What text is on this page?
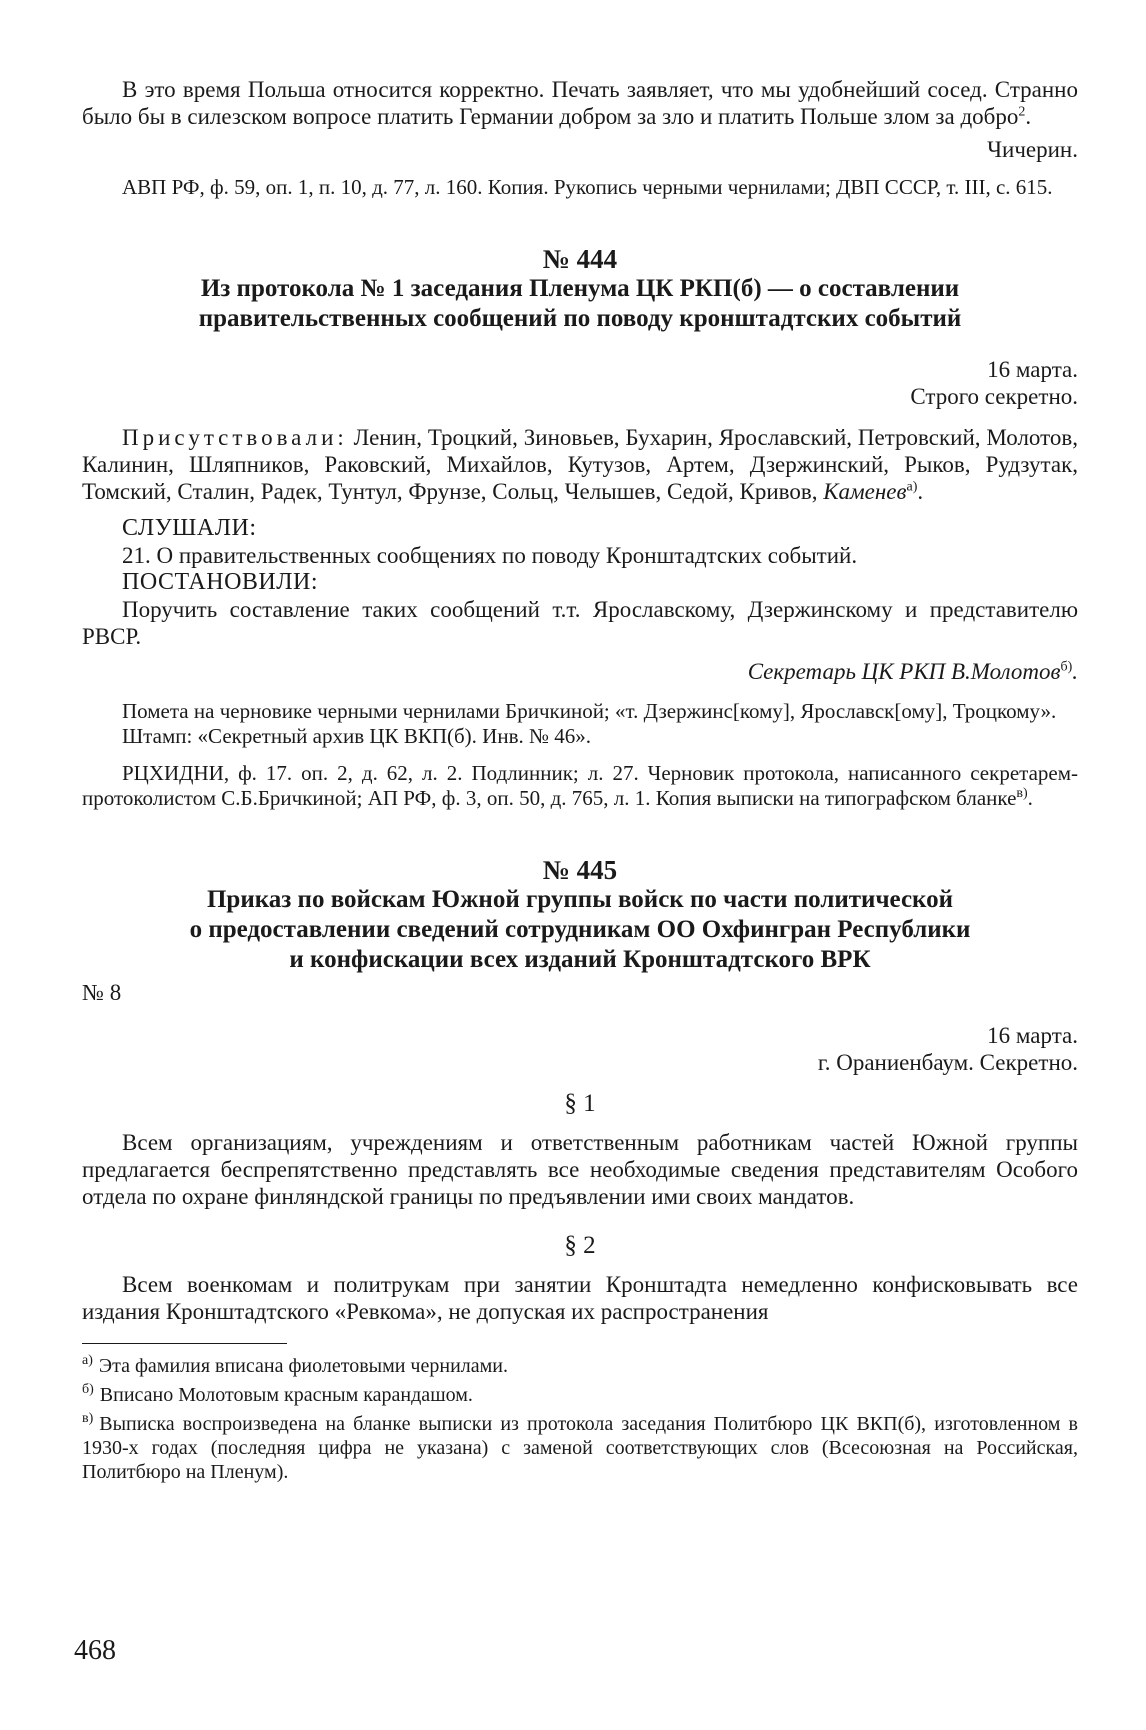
В это время Польша относится корректно. Печать заявляет, что мы удобнейший сосед. Странно было бы в силезском вопросе платить Германии добром за зло и платить Польше злом за добро$^2$.

Чичерин.

АВП РФ, ф. 59, оп. 1, п. 10, д. 77, л. 160. Копия. Рукопись черными чернилами; ДВП СССР, т. III, с. 615.

№ 444

Из протокола № 1 заседания Пленума ЦК РКП(б) — о составлении

правительственных сообщений по поводу кронштадтских событий

16 марта.

Строго секретно.

Присутствовали: Ленин, Троцкий, Зиновьев, Бухарин, Ярославский, Петровский, Молотов, Калинин, Шляпников, Раковский, Михайлов, Кутузов, Артем, Дзержинский, Рыков, Рудзутак, Томский, Сталин, Радек, Тунтул, Фрунзе, Сольц, Челышев, Седой, Кривов, Каменев$^{а)}$.

СЛУШАЛИ:

21. О правительственных сообщениях по поводу Кронштадтских событий.

ПОСТАНОВИЛИ:

Поручить составление таких сообщений т.т. Ярославскому, Дзержинскому и представителю РВСР.

Секретарь ЦК РКП В.Молотов$^{б)}$.

Помета на черновике черными чернилами Бричкиной; «т. Дзержинс[кому], Ярославск[ому], Троцкому».

Штамп: «Секретный архив ЦК ВКП(б). Инв. № 46».

РЦХИДНИ, ф. 17. оп. 2, д. 62, л. 2. Подлинник; л. 27. Черновик протокола, написанного секретарем-протоколистом С.Б.Бричкиной; АП РФ, ф. 3, оп. 50, д. 765, л. 1. Копия выписки на типографском бланке$^{в)}$.

№ 445

Приказ по войскам Южной группы войск по части политической

о предоставлении сведений сотрудникам ОО Охфингран Республики

и конфискации всех изданий Кронштадтского ВРК

№ 8

16 марта.

г. Ораниенбаум. Секретно.

§ 1

Всем организациям, учреждениям и ответственным работникам частей Южной группы предлагается беспрепятственно представлять все необходимые сведения представителям Особого отдела по охране финляндской границы по предъявлении ими своих мандатов.

§ 2

Всем военкомам и политрукам при занятии Кронштадта немедленно конфисковывать все издания Кронштадтского «Ревкома», не допуская их распространения

$^{а)}$ Эта фамилия вписана фиолетовыми чернилами.

$^{б)}$ Вписано Молотовым красным карандашом.

$^{в)}$ Выписка воспроизведена на бланке выписки из протокола заседания Политбюро ЦК ВКП(б), изготовленном в 1930-х годах (последняя цифра не указана) с заменой соответствующих слов (Всесоюзная на Российская, Политбюро на Пленум).

468
